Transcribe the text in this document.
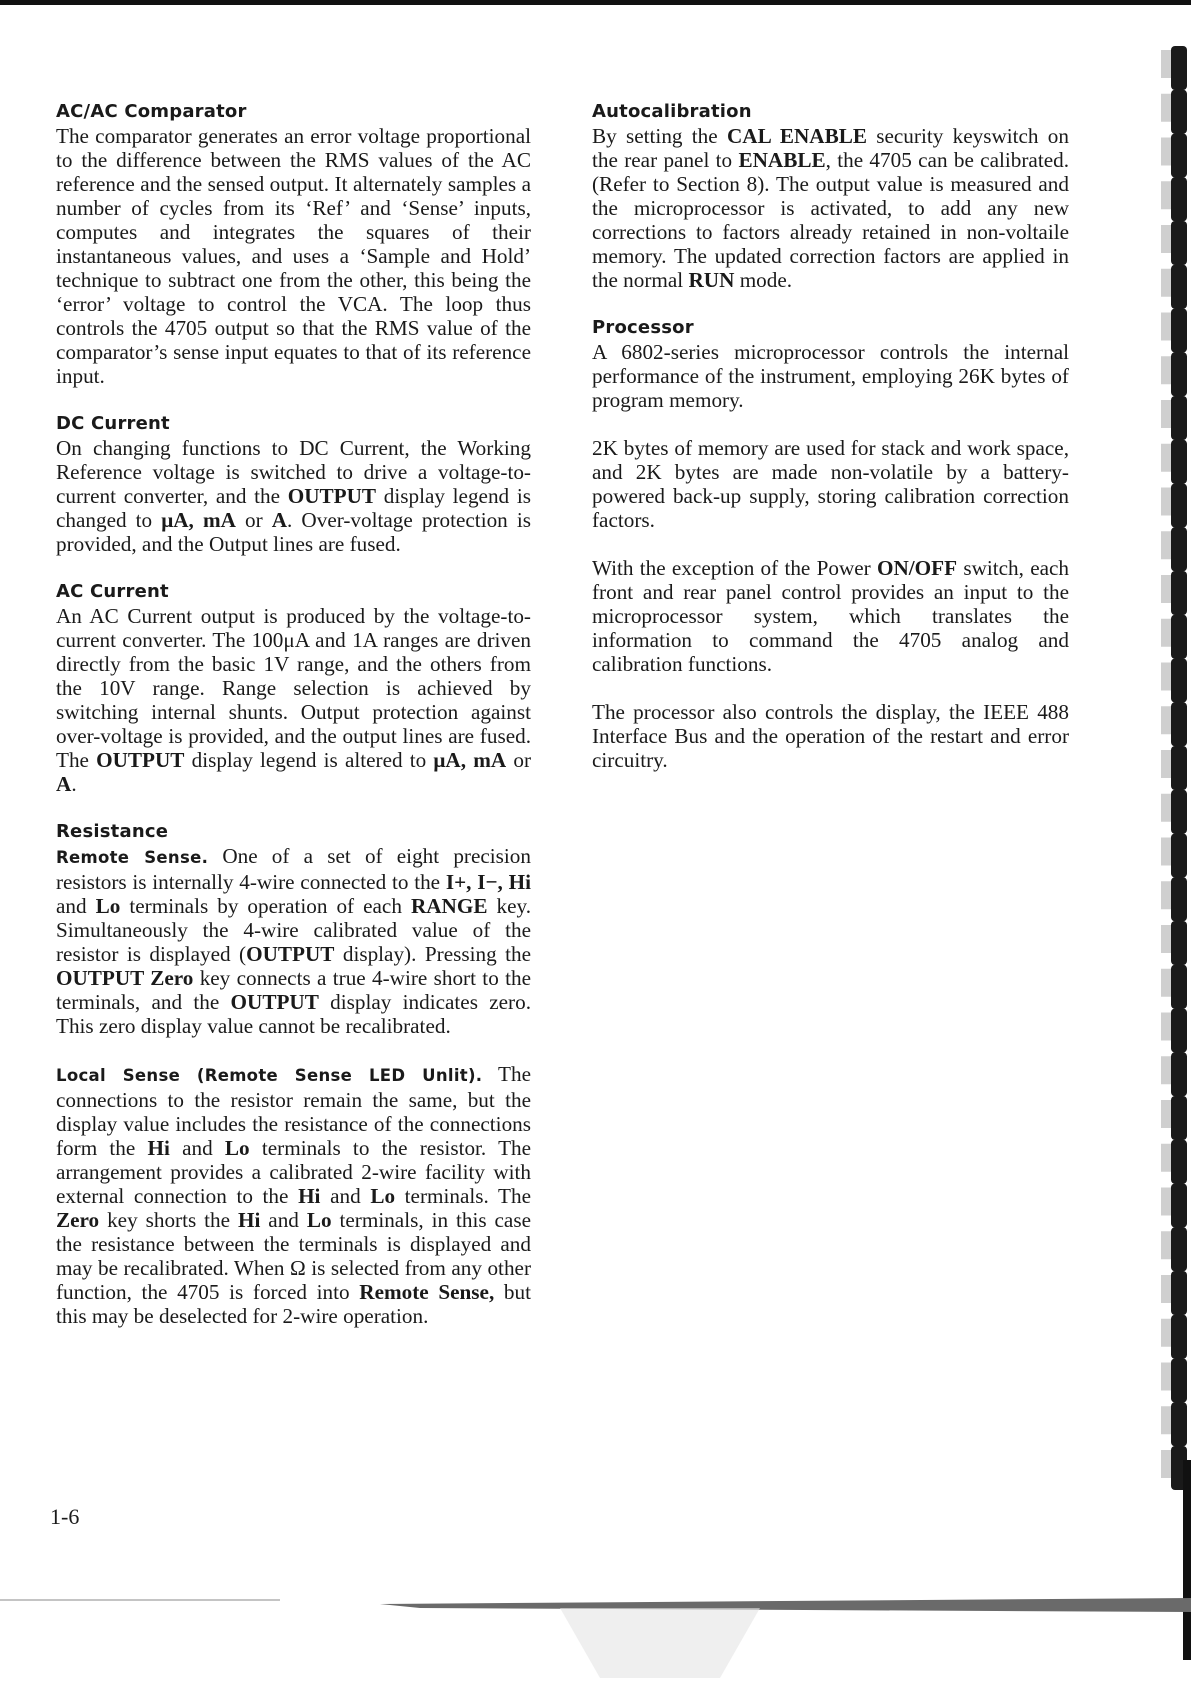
AC/AC Comparator

The comparator generates an error voltage proportional to the difference between the RMS values of the AC reference and the sensed output. It alternately samples a number of cycles from its ‘Ref’ and ‘Sense’ inputs, computes and integrates the squares of their instantaneous values, and uses a ‘Sample and Hold’ technique to subtract one from the other, this being the ‘error’ voltage to control the VCA. The loop thus controls the 4705 output so that the RMS value of the comparator’s sense input equates to that of its reference input.

DC Current

On changing functions to DC Current, the Working Reference voltage is switched to drive a voltage-to-current converter, and the OUTPUT display legend is changed to μA, mA or A. Over-voltage protection is provided, and the Output lines are fused.

AC Current

An AC Current output is produced by the voltage-to-current converter. The 100μA and 1A ranges are driven directly from the basic 1V range, and the others from the 10V range. Range selection is achieved by switching internal shunts. Output protection against over-voltage is provided, and the output lines are fused. The OUTPUT display legend is altered to μA, mA or A.

Resistance

Remote Sense. One of a set of eight precision resistors is internally 4-wire connected to the I+, I−, Hi and Lo terminals by operation of each RANGE key. Simultaneously the 4-wire calibrated value of the resistor is displayed (OUTPUT display). Pressing the OUTPUT Zero key connects a true 4-wire short to the terminals, and the OUTPUT display indicates zero. This zero display value cannot be recalibrated.

Local Sense (Remote Sense LED Unlit). The connections to the resistor remain the same, but the display value includes the resistance of the connections form the Hi and Lo terminals to the resistor. The arrangement provides a calibrated 2-wire facility with external connection to the Hi and Lo terminals. The Zero key shorts the Hi and Lo terminals, in this case the resistance between the terminals is displayed and may be recalibrated. When Ω is selected from any other function, the 4705 is forced into Remote Sense, but this may be deselected for 2-wire operation.

Autocalibration

By setting the CAL ENABLE security keyswitch on the rear panel to ENABLE, the 4705 can be calibrated. (Refer to Section 8). The output value is measured and the microprocessor is activated, to add any new corrections to factors already retained in non-voltaile memory. The updated correction factors are applied in the normal RUN mode.

Processor

A 6802-series microprocessor controls the internal performance of the instrument, employing 26K bytes of program memory.

2K bytes of memory are used for stack and work space, and 2K bytes are made non-volatile by a battery-powered back-up supply, storing calibration correction factors.

With the exception of the Power ON/OFF switch, each front and rear panel control provides an input to the microprocessor system, which translates the information to command the 4705 analog and calibration functions.

The processor also controls the display, the IEEE 488 Interface Bus and the operation of the restart and error circuitry.

1-6
